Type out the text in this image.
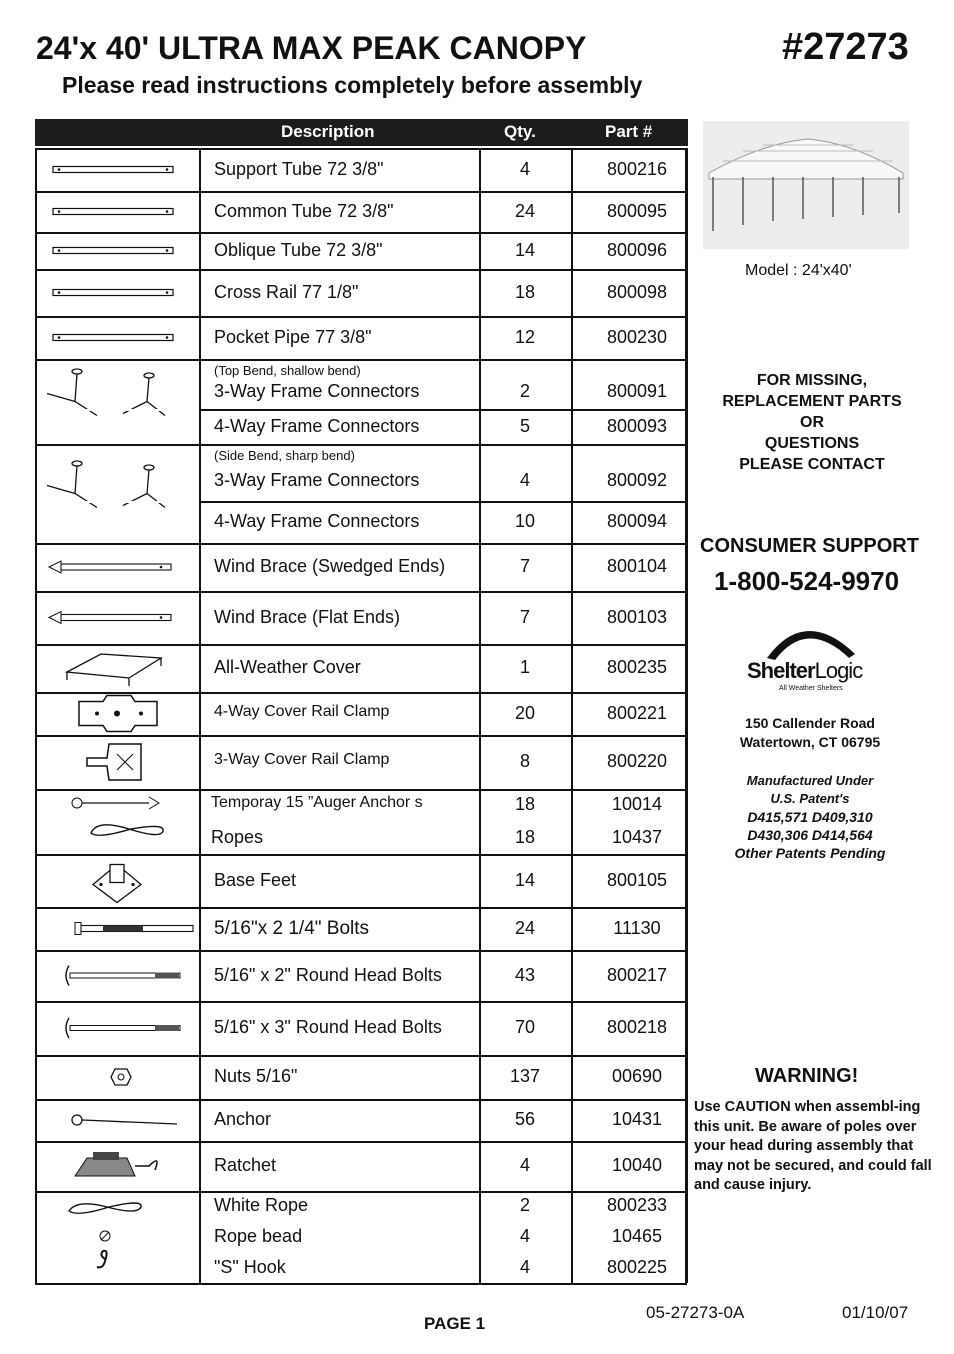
24'x 40' ULTRA MAX PEAK CANOPY	#27273
Please read instructions completely before assembly
Description	Qty.	Part #
Support Tube 72 3/8"	4	800216
Common Tube 72 3/8"	24	800095
Oblique Tube 72 3/8"	14	800096
Cross Rail 77 1/8"	18	800098
Pocket Pipe 77 3/8"	12	800230
(Top Bend, shallow bend)
3-Way Frame Connectors	2	800091
4-Way Frame Connectors	5	800093
(Side Bend, sharp bend)
3-Way Frame Connectors	4	800092
4-Way Frame Connectors	10	800094
Wind Brace (Swedged Ends)	7	800104
Wind Brace (Flat Ends)	7	800103
All-Weather Cover	1	800235
4-Way Cover Rail Clamp	20	800221
3-Way Cover Rail Clamp	8	800220
Temporay 15 ”Auger Anchor s	18	10014
Ropes	18	10437
Base Feet	14	800105
5/16"x 2 1/4" Bolts	24	11130
5/16" x 2" Round Head Bolts	43	800217
5/16" x 3" Round Head Bolts	70	800218
Nuts 5/16"	137	00690
Anchor	56	10431
Ratchet	4	10040
White Rope	2	800233
Rope bead	4	10465
"S" Hook	4	800225
Model : 24'x40'
FOR MISSING,
REPLACEMENT PARTS
OR
QUESTIONS
PLEASE CONTACT
CONSUMER SUPPORT
1-800-524-9970
ShelterLogic
All Weather Shelters
150 Callender Road
Watertown, CT 06795
Manufactured Under
U.S. Patent's
D415,571 D409,310
D430,306 D414,564
Other Patents Pending
WARNING!
Use CAUTION when assembl-ing this unit. Be aware of poles over your head during assembly that may not be secured, and could fall and cause injury.
PAGE 1
05-27273-0A	01/10/07
